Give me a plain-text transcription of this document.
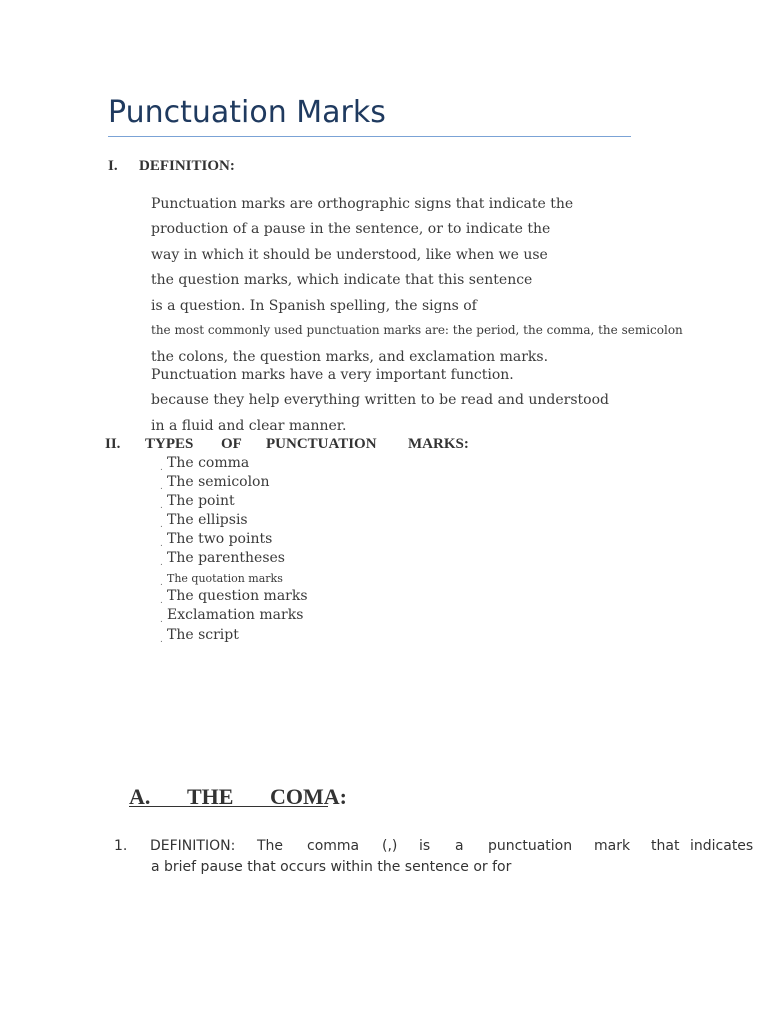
Punctuation Marks
I. DEFINITION:
Punctuation marks are orthographic signs that indicate the
production of a pause in the sentence, or to indicate the
way in which it should be understood, like when we use
the question marks, which indicate that this sentence
is a question. In Spanish spelling, the signs of
the most commonly used punctuation marks are: the period, the comma, the semicolon
the colons, the question marks, and exclamation marks.
Punctuation marks have a very important function.
because they help everything written to be read and understood
in a fluid and clear manner.
II. TYPES OF PUNCTUATION MARKS:
. The comma
. The semicolon
. The point
. The ellipsis
. The two points
. The parentheses
. The quotation marks
. The question marks
. Exclamation marks
. The script
A. THE COMA:
1. DEFINITION: The comma (,) is a punctuation mark that indicates
a brief pause that occurs within the sentence or for
